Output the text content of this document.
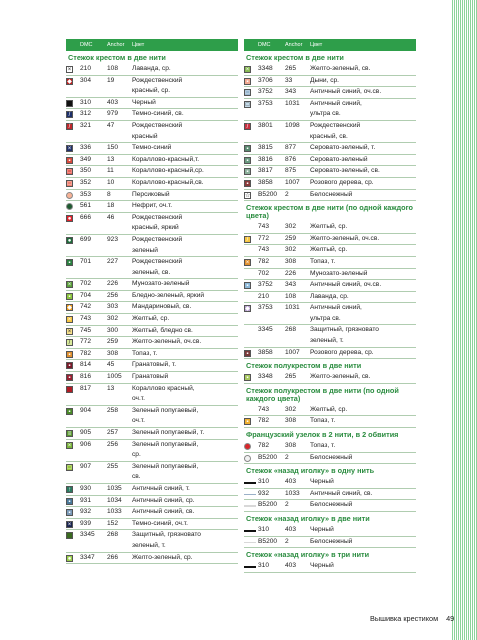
DMC	Anchor	Цвет
Стежок крестом в две нити
× 210	108	Лаванда, ср.
◆ 304	19	Рождественский
красный, ср.
310	403	Черный
/	312	979	Темно-синий, св.
/	321	47	Рождественский
красный
× 336	150	Темно-синий
▪	349	13	Кораллово-красный,т.
□ 350	11	Кораллово-красный,ср.
□ 352	10	Кораллово-красный,св.
353	8	Персиковый
561	18	Нефрит, оч.т.
● 666	46	Рождественский
красный, яркий
● 699	923	Рождественский
зеленый
▪	701	227	Рождественский
зеленый, св.
× 702	226	Мунозато-зеленый
▪	704	256	Бледно-зеленый, яркий
◆ 742	303	Мандариновый, св.
× 743	302	Желтый, ср.
× 745	300	Желтый, бледно св.
/	772	259	Желто-зеленый, оч.св.
▪	782	308	Топаз, т.
▪	814	45	Гранатовый, т.
▪	816	1005	Гранатовый
817	13	Кораллово красный,
оч.т.
▪	904	258	Зеленый попугаевый,
оч.т.
≡ 905	257	Зеленый попугаевый, т.
× 906	256	Зеленый попугаевый,
ср.
□ 907	255	Зеленый попугаевый,
св.
↑	930	1035	Античный синий, т.
▪	931	1034	Античный синий, ср.
▪	932	1033	Античный синий, св.
× 939	152	Темно-синий, оч.т.
3345	268	Защитный, грязновато
зеленый, т.
● 3347	266	Желто-зеленый, ср.
DMC	Anchor	Цвет
Стежок крестом в две нити
× 3348	265	Желто-зеленый, св.
▪	3706	33	Дыни, ср.
□ 3752	343	Античный синий, оч.св.
□ 3753	1031	Античный синий,
ультра св.
/	3801	1098	Рождественский
красный, св.
▪	3815	877	Серовато-зеленый, т.
▪	3816	876	Серовато-зеленый
▪	3817	875	Серовато-зеленый, св.
▪	3858	1007	Розового дерева, ср.
☆ B5200	2	Белоснежный
Стежок крестом в две нити (по одной каждого цвета)
743	302	Желтый, ср.
/	772	259	Желто-зеленый, оч.св.
743	302	Желтый, ср.
× 782	308	Топаз, т.
702	226	Мунозато-зеленый
▪	3752	343	Античный синий, оч.св.
210	108	Лаванда, ср.
◆ 3753	1031	Античный синий,
ультра св.
3345	268	Защитный, грязновато
зеленый, т.
▪	3858	1007	Розового дерева, ср.
Стежок полукрестом в две нити
▪	3348	265	Желто-зеленый, св.
Стежок полукрестом в две нити (по одной каждого цвета)
743	302	Желтый, ср.
▪	782	308	Топаз, т.
Французский узелок в 2 нити, в 2 обвития
782	308	Топаз, т.
B5200	2	Белоснежный
Стежок «назад иголку» в одну нить
310	403	Черный
932	1033	Античный синий, св.
B5200	2	Белоснежный
Стежок «назад иголку» в две нити
310	403	Черный
B5200	2	Белоснежный
Стежок «назад иголку» в три нити
310	403	Черный
Вышивка крестиком 49
